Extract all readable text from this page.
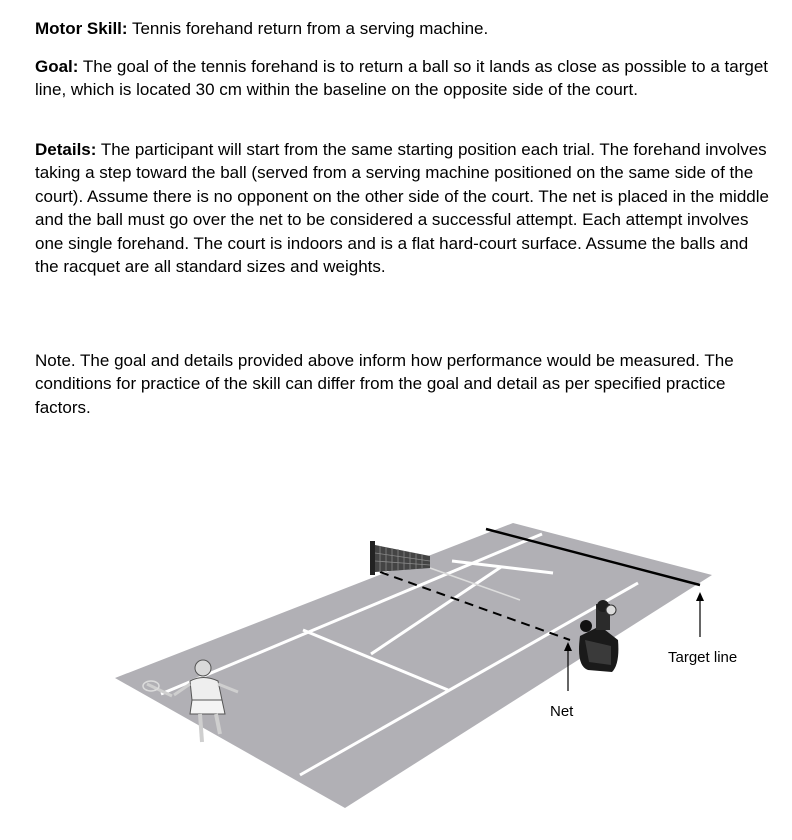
Motor Skill: Tennis forehand return from a serving machine.

Goal: The goal of the tennis forehand is to return a ball so it lands as close as possible to a target line, which is located 30 cm within the baseline on the opposite side of the court.

Details: The participant will start from the same starting position each trial. The forehand involves taking a step toward the ball (served from a serving machine positioned on the same side of the court). Assume there is no opponent on the other side of the court. The net is placed in the middle and the ball must go over the net to be considered a successful attempt. Each attempt involves one single forehand. The court is indoors and is a flat hard-court surface. Assume the balls and the racquet are all standard sizes and weights.

Note. The goal and details provided above inform how performance would be measured. The conditions for practice of the skill can differ from the goal and detail as per specified practice factors.

Target line
Net
